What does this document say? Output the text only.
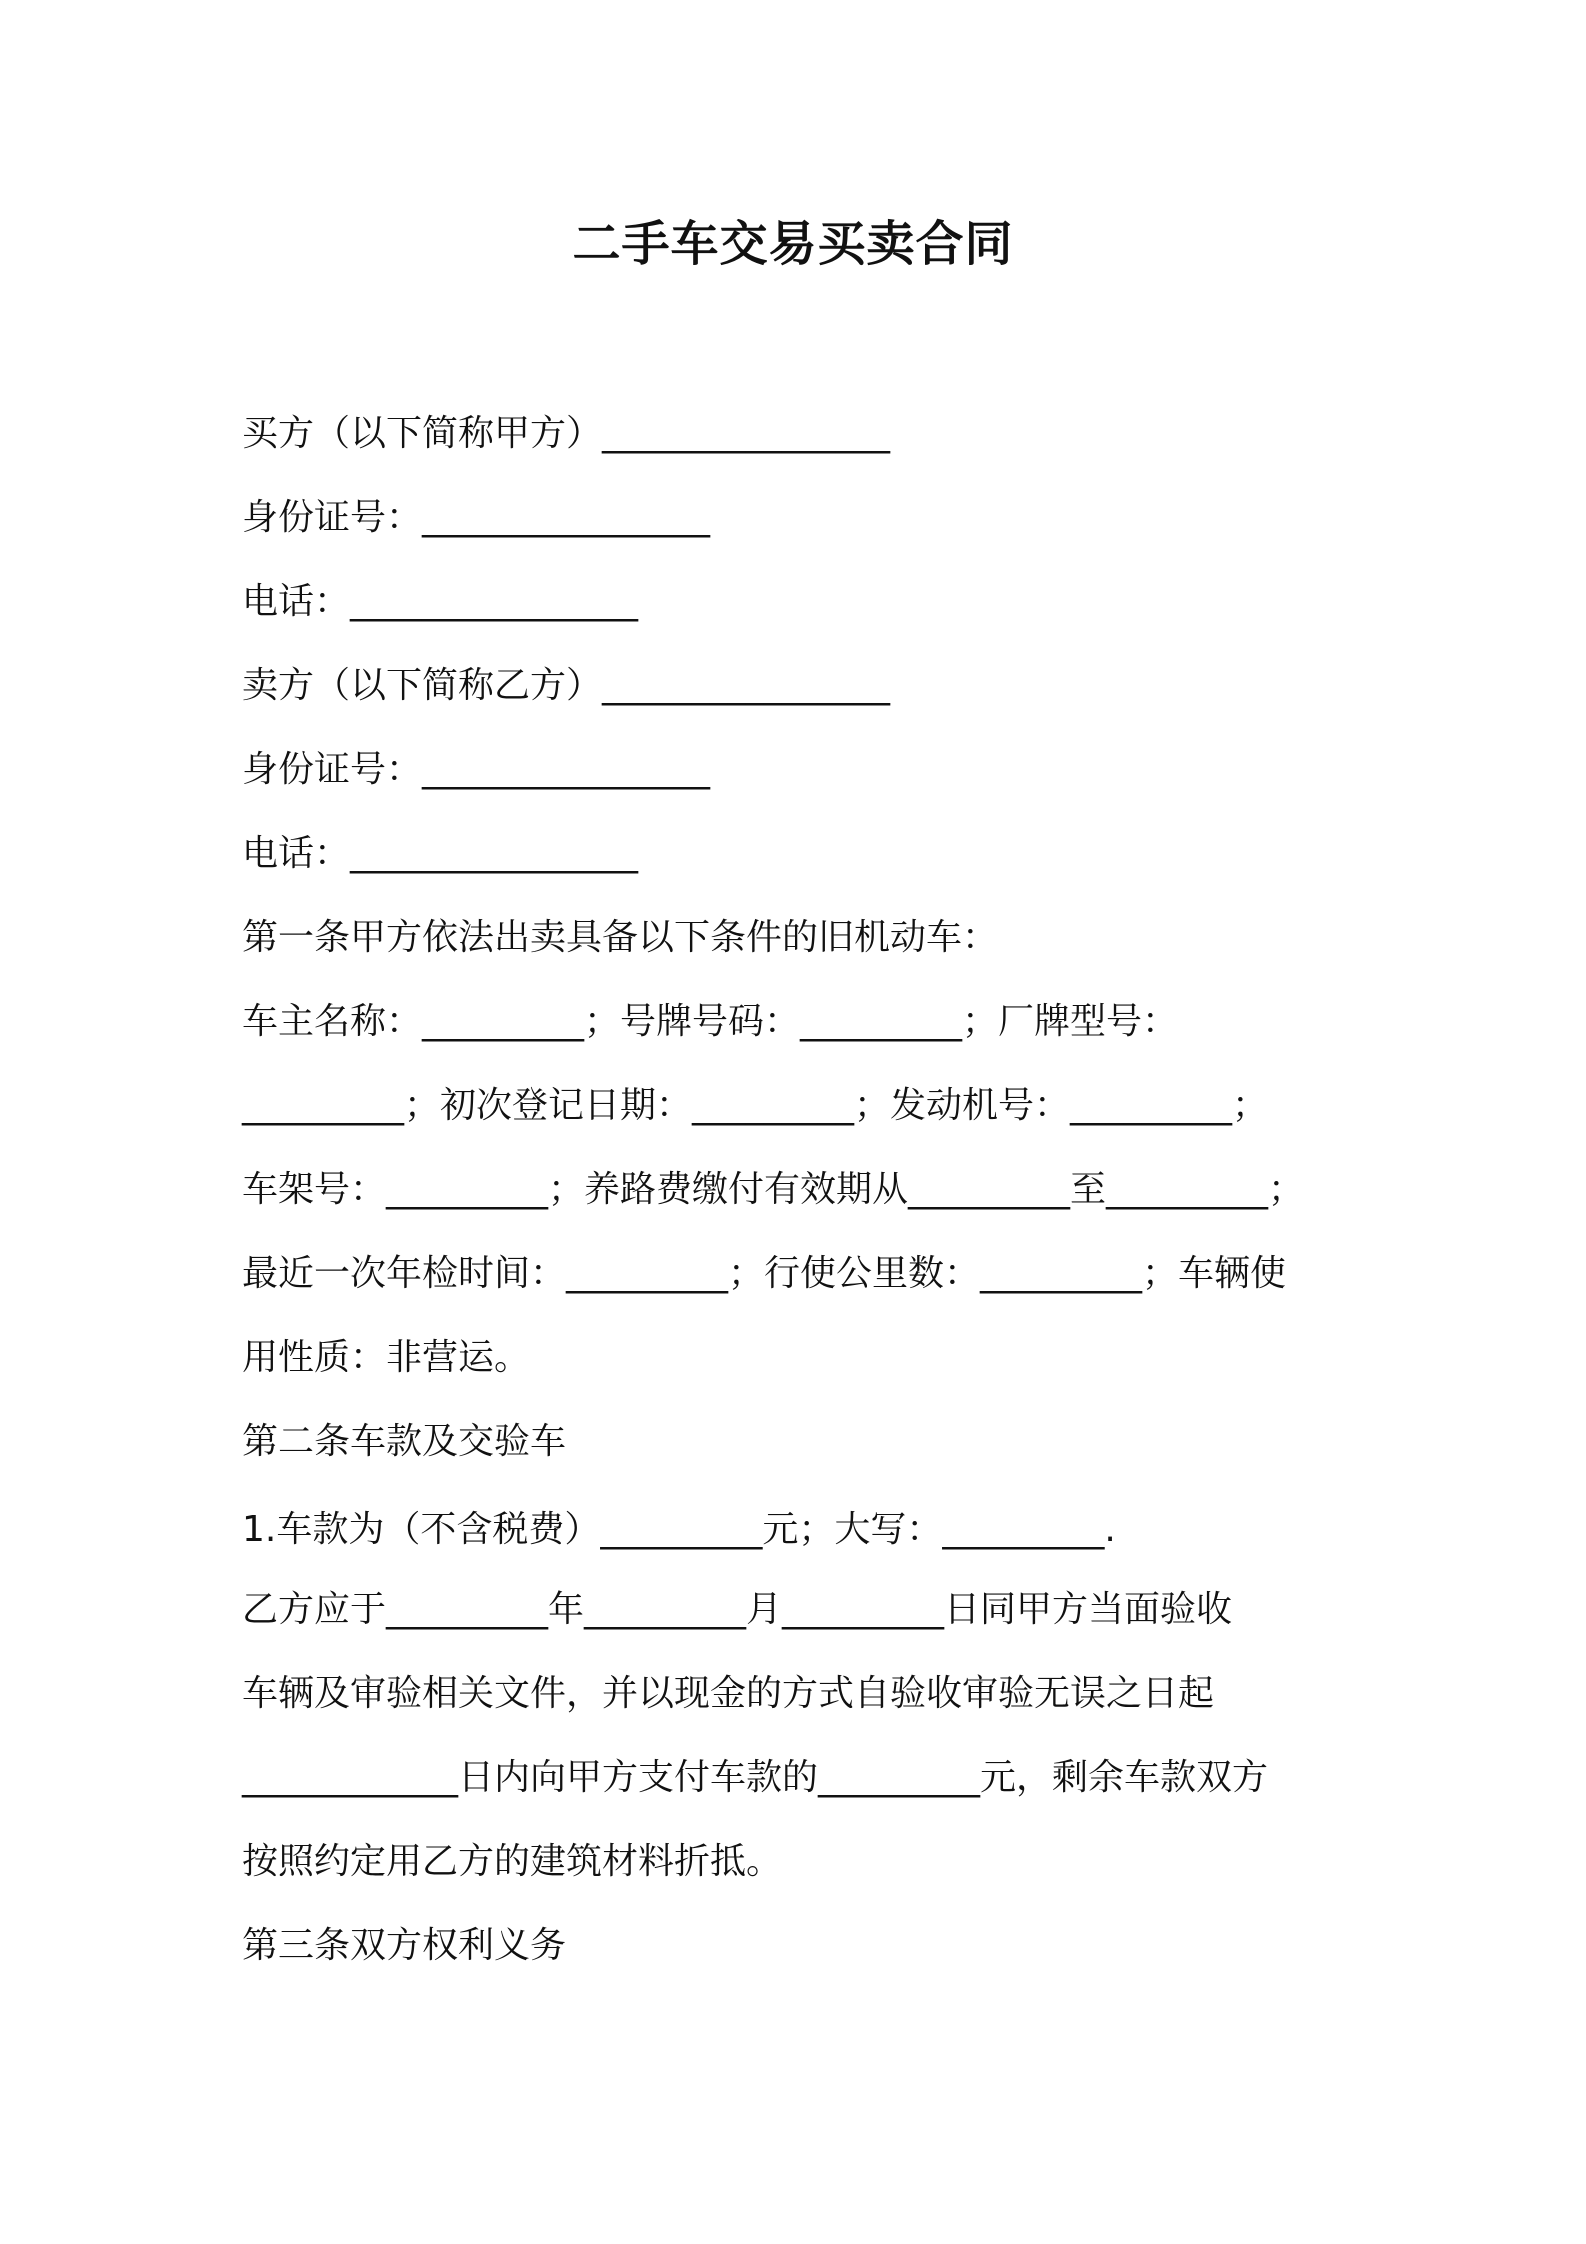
二手车交易买卖合同
买方（以下简称甲方）________________
身份证号：________________
电话：________________
卖方（以下简称乙方）________________
身份证号：________________
电话：________________
第一条甲方依法出卖具备以下条件的旧机动车：
车主名称：_________；号牌号码：_________；厂牌型号：
_________；初次登记日期：_________；发动机号：_________；
车架号：_________；养路费缴付有效期从_________至_________；
最近一次年检时间：_________；行使公里数：_________；车辆使
用性质：非营运。
第二条车款及交验车
1.车款为（不含税费）_________元；大写：_________.
乙方应于_________年_________月_________日同甲方当面验收
车辆及审验相关文件，并以现金的方式自验收审验无误之日起
____________日内向甲方支付车款的_________元，剩余车款双方
按照约定用乙方的建筑材料折抵。
第三条双方权利义务
